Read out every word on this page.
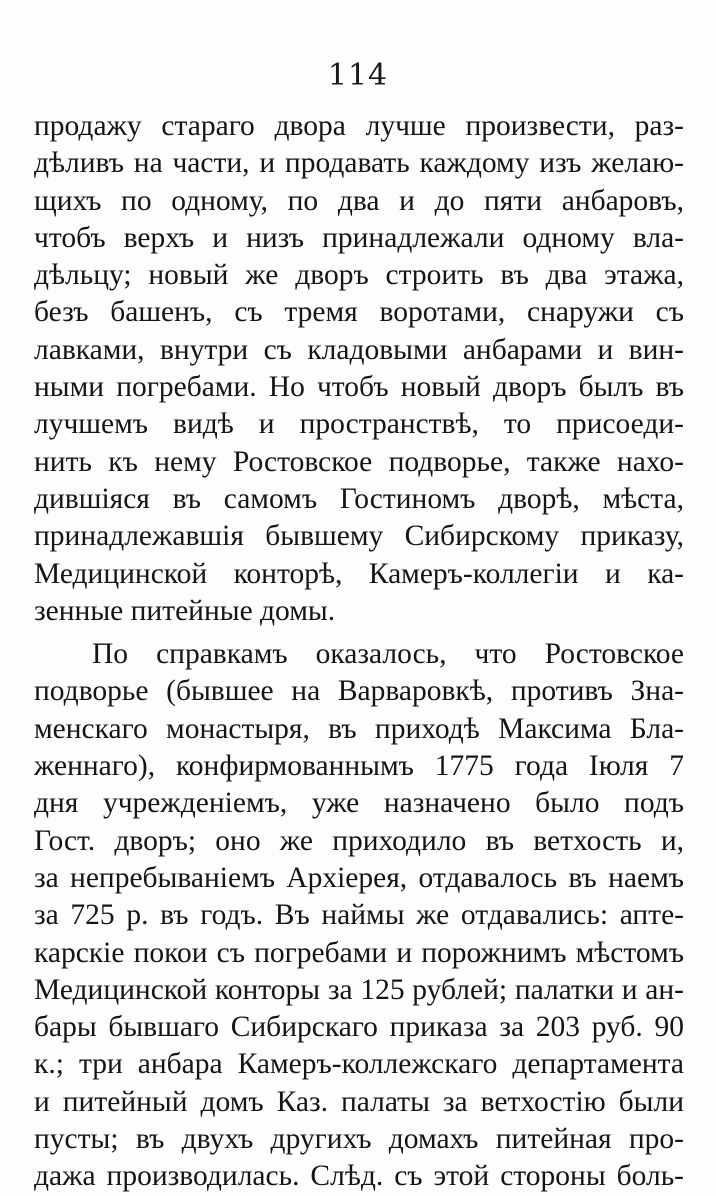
114
продажу стараго двора лучше произвести, раз-
дѣливъ на части, и продавать каждому изъ желаю-
щихъ по одному, по два и до пяти анбаровъ,
чтобъ верхъ и низъ принадлежали одному вла-
дѣльцу; новый же дворъ строить въ два этажа,
безъ башенъ, съ тремя воротами, снаружи съ
лавками, внутри съ кладовыми анбарами и вин-
ными погребами. Но чтобъ новый дворъ былъ въ
лучшемъ видѣ и пространствѣ, то присоеди-
нить къ нему Ростовское подворье, также нахо-
дившіяся въ самомъ Гостиномъ дворѣ, мѣста,
принадлежавшія бывшему Сибирскому приказу,
Медицинской конторѣ, Камеръ-коллегіи и ка-
зенные питейные домы.
По справкамъ оказалось, что Ростовское
подворье (бывшее на Варваровкѣ, противъ Зна-
менскаго монастыря, въ приходѣ Максима Бла-
женнаго), конфирмованнымъ 1775 года Іюля 7
дня учрежденіемъ, уже назначено было подъ
Гост. дворъ; оно же приходило въ ветхость и,
за непребываніемъ Архіерея, отдавалось въ наемъ
за 725 р. въ годъ. Въ наймы же отдавались: апте-
карскіе покои съ погребами и порожнимъ мѣстомъ
Медицинской конторы за 125 рублей; палатки и ан-
бары бывшаго Сибирскаго приказа за 203 руб. 90
к.; три анбара Камеръ-коллежскаго департамента
и питейный домъ Каз. палаты за ветхостію были
пусты; въ двухъ другихъ домахъ питейная про-
дажа производилась. Слѣд. съ этой стороны боль-
